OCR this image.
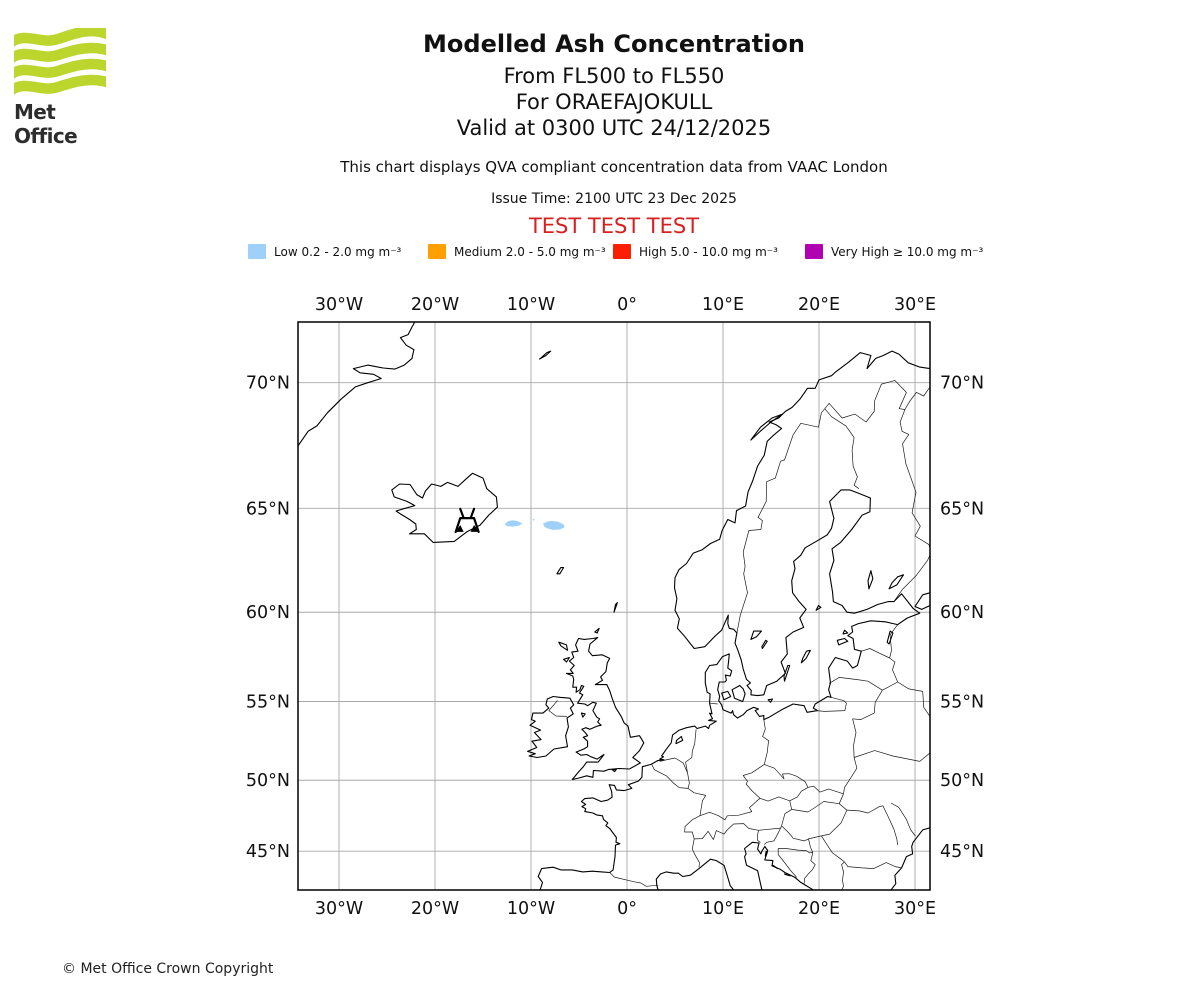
Met Office
Modelled Ash Concentration
From FL500 to FL550
For ORAEFAJOKULL
Valid at 0300 UTC 24/12/2025
This chart displays QVA compliant concentration data from VAAC London
Issue Time: 2100 UTC 23 Dec 2025
TEST TEST TEST
Low 0.2 - 2.0 mg m⁻³	Medium 2.0 - 5.0 mg m⁻³	High 5.0 - 10.0 mg m⁻³	Very High ≥ 10.0 mg m⁻³
30°W
30°W
20°W
20°W
10°W
10°W
0°
0°
10°E
10°E
20°E
20°E
30°E
30°E
45°N	45°N
50°N	50°N
55°N	55°N
60°N	60°N
65°N	65°N
70°N	70°N
© Met Office Crown Copyright
